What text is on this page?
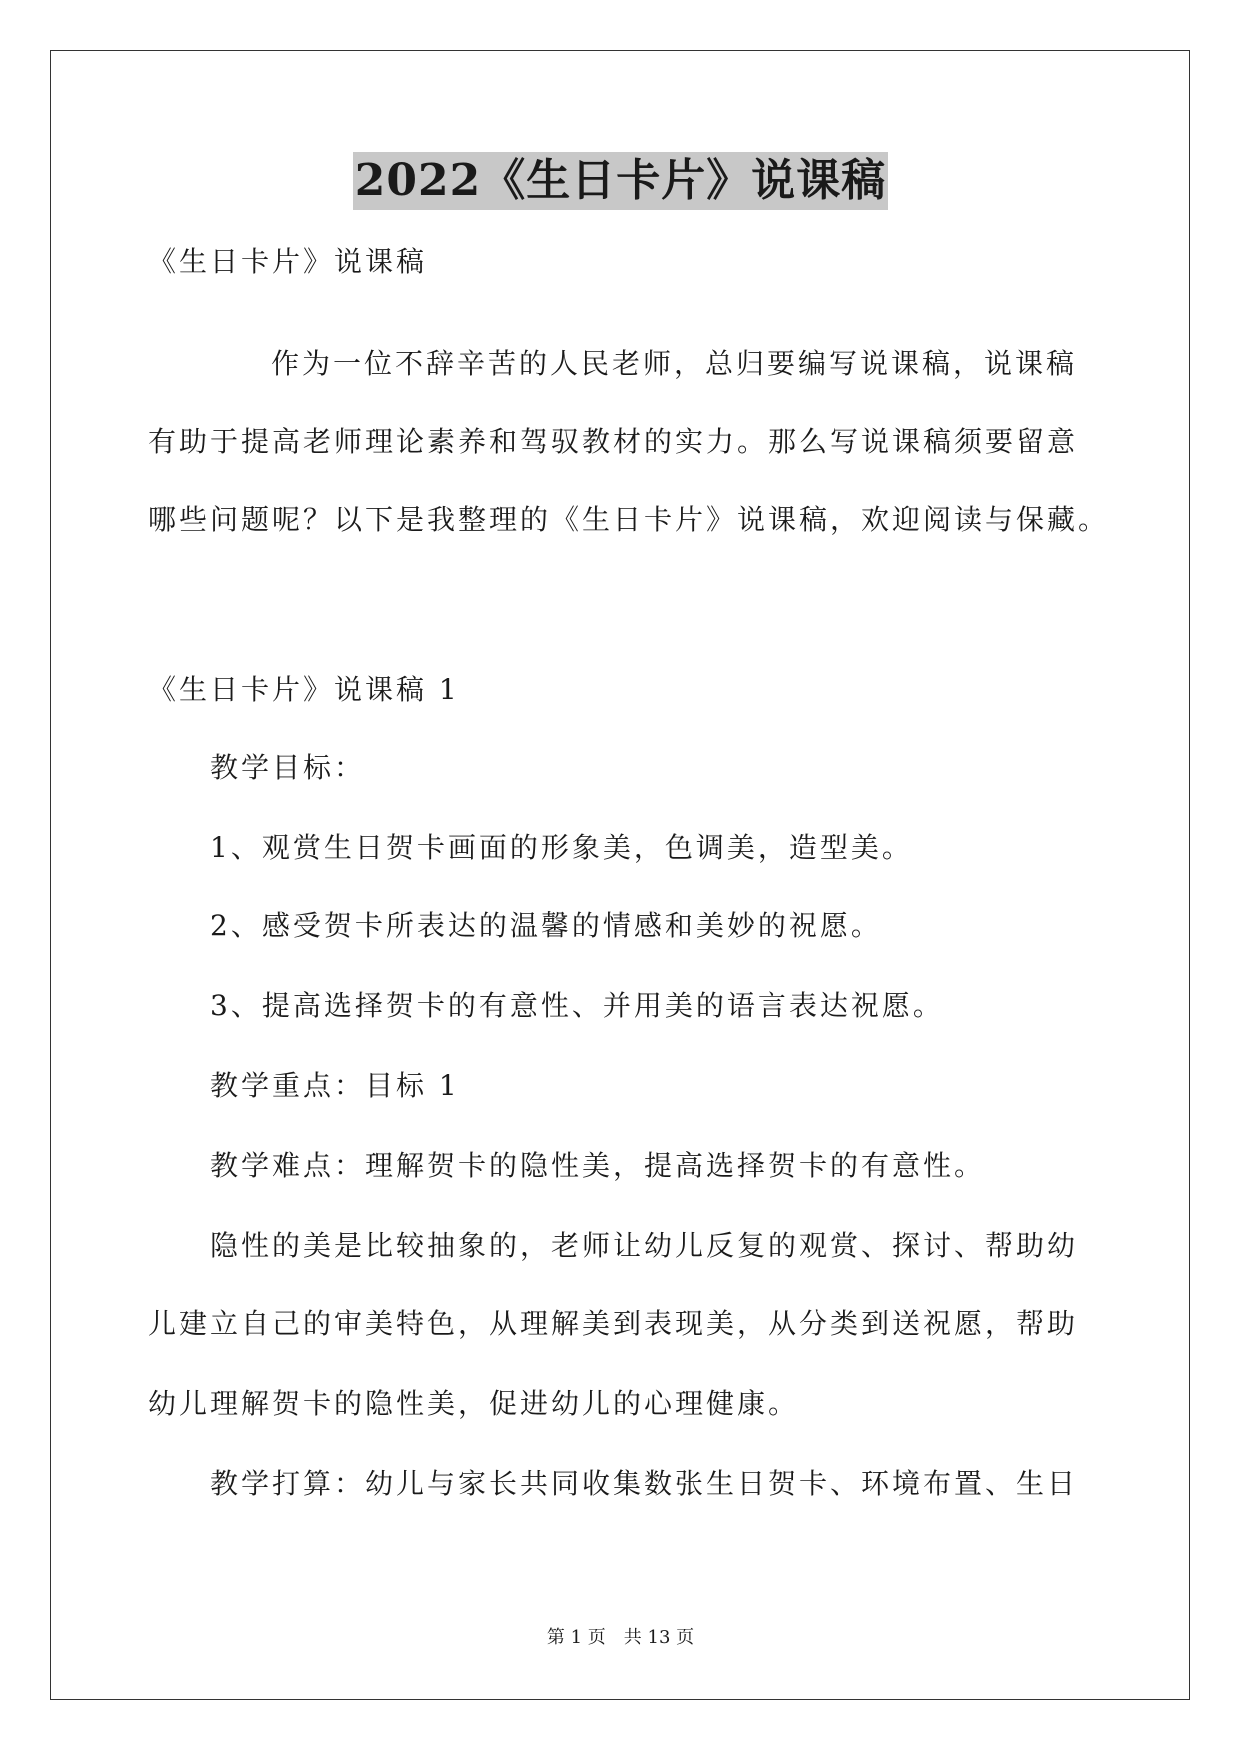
2022《生日卡片》说课稿
《生日卡片》说课稿
作为一位不辞辛苦的人民老师，总归要编写说课稿，说课稿
有助于提高老师理论素养和驾驭教材的实力。那么写说课稿须要留意
哪些问题呢？以下是我整理的《生日卡片》说课稿，欢迎阅读与保藏。
《生日卡片》说课稿 1
教学目标：
1、观赏生日贺卡画面的形象美，色调美，造型美。
2、感受贺卡所表达的温馨的情感和美妙的祝愿。
3、提高选择贺卡的有意性、并用美的语言表达祝愿。
教学重点：目标 1
教学难点：理解贺卡的隐性美，提高选择贺卡的有意性。
隐性的美是比较抽象的，老师让幼儿反复的观赏、探讨、帮助幼
儿建立自己的审美特色，从理解美到表现美，从分类到送祝愿，帮助
幼儿理解贺卡的隐性美，促进幼儿的心理健康。
教学打算：幼儿与家长共同收集数张生日贺卡、环境布置、生日
第 1 页　共 13 页
